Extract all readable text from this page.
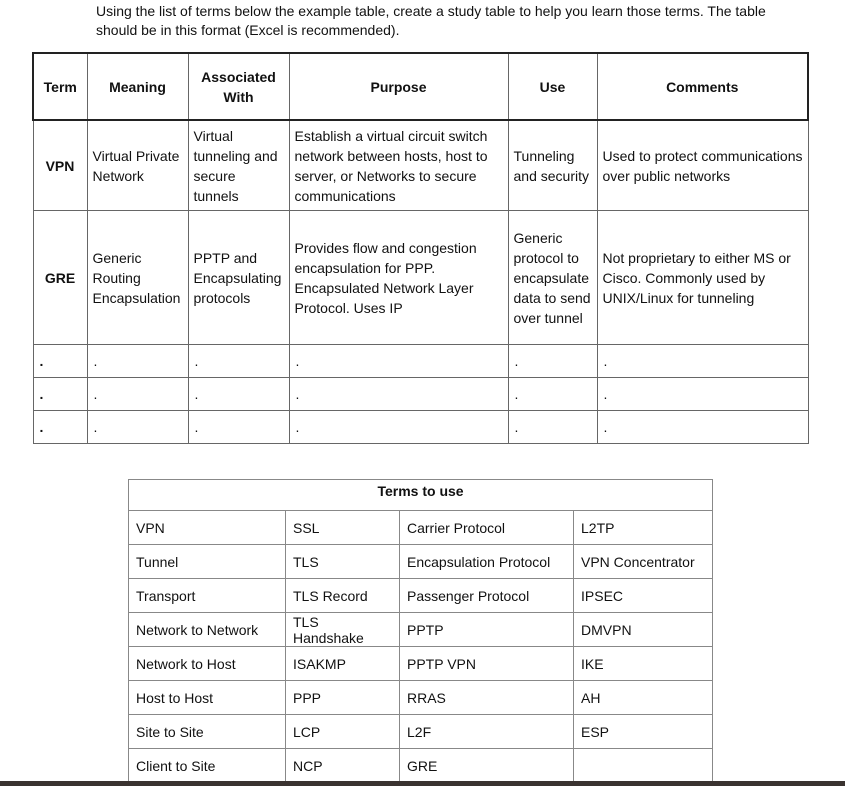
Using the list of terms below the example table, create a study table to help you learn those terms. The table should be in this format (Excel is recommended).

Term	Meaning	Associated With	Purpose	Use	Comments
VPN	Virtual Private Network	Virtual tunneling and secure tunnels	Establish a virtual circuit switch network between hosts, host to server, or Networks to secure communications	Tunneling and security	Used to protect communications over public networks
GRE	Generic Routing Encapsulation	PPTP and Encapsulating protocols	Provides flow and congestion encapsulation for PPP. Encapsulated Network Layer Protocol. Uses IP	Generic protocol to encapsulate data to send over tunnel	Not proprietary to either MS or Cisco. Commonly used by UNIX/Linux for tunneling
.	.	.	.	.	.
.	.	.	.	.	.
.	.	.	.	.	.
Terms to use			
VPN	SSL	Carrier Protocol	L2TP
Tunnel	TLS	Encapsulation Protocol	VPN Concentrator
Transport	TLS Record	Passenger Protocol	IPSEC
Network to Network	TLS Handshake	PPTP	DMVPN
Network to Host	ISAKMP	PPTP VPN	IKE
Host to Host	PPP	RRAS	AH
Site to Site	LCP	L2F	ESP
Client to Site	NCP	GRE	
